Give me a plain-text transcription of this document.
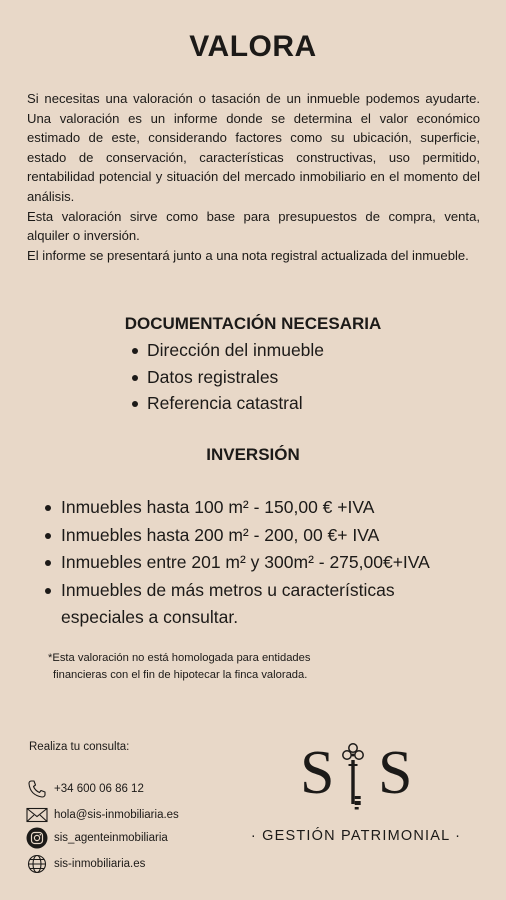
VALORA

Si necesitas una valoración o tasación de un inmueble podemos ayudarte. Una valoración es un informe donde se determina el valor económico estimado de este, considerando factores como su ubicación, superficie, estado de conservación, características constructivas, uso permitido, rentabilidad potencial y situación del mercado inmobiliario en el momento del análisis.

Esta valoración sirve como base para presupuestos de compra, venta, alquiler o inversión.

El informe se presentará junto a una nota registral actualizada del inmueble.

DOCUMENTACIÓN NECESARIA
Dirección del inmueble
Datos registrales
Referencia catastral
INVERSIÓN
Inmuebles hasta 100 m² - 150,00 € +IVA
Inmuebles hasta 200 m² - 200, 00 €+ IVA
Inmuebles entre 201 m² y 300m² - 275,00€+IVA
Inmuebles de más metros u características especiales a consultar.

*Esta valoración no está homologada para entidades

financieras con el fin de hipotecar la finca valorada.

Realiza tu consulta:
+34 600 06 86 12
hola@sis-inmobiliaria.es
sis_agenteinmobiliaria
sis-inmobiliaria.es
S S
· GESTIÓN PATRIMONIAL ·
